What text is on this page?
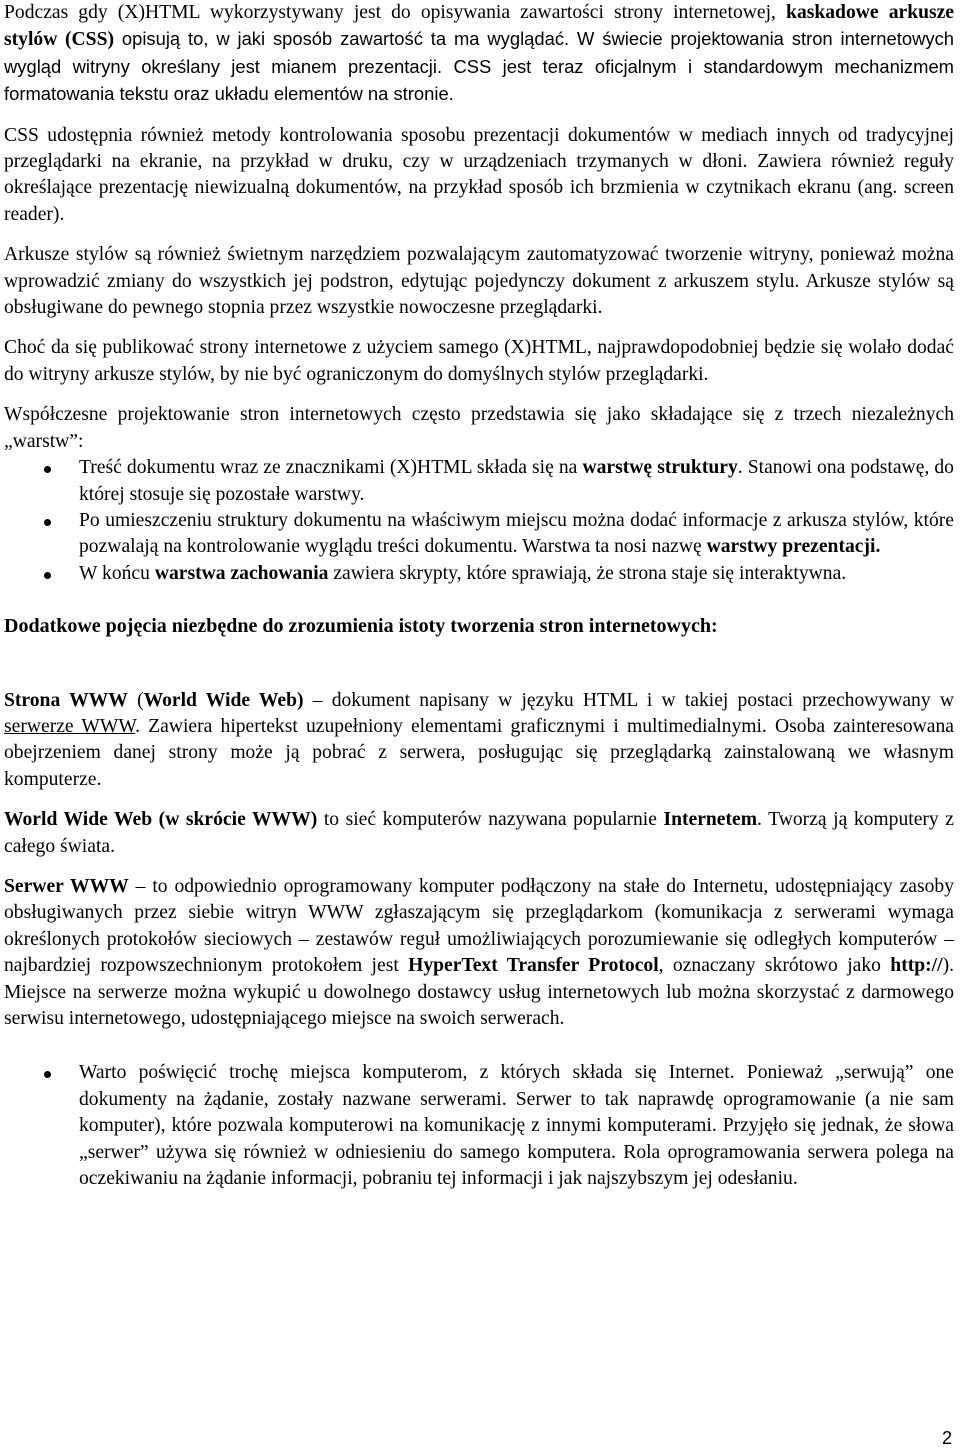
Podczas gdy (X)HTML wykorzystywany jest do opisywania zawartości strony internetowej, kaskadowe arkusze stylów (CSS) opisują to, w jaki sposób zawartość ta ma wyglądać. W świecie projektowania stron internetowych wygląd witryny określany jest mianem prezentacji. CSS jest teraz oficjalnym i standardowym mechanizmem formatowania tekstu oraz układu elementów na stronie.

CSS udostępnia również metody kontrolowania sposobu prezentacji dokumentów w mediach innych od tradycyjnej przeglądarki na ekranie, na przykład w druku, czy w urządzeniach trzymanych w dłoni. Zawiera również reguły określające prezentację niewizualną dokumentów, na przykład sposób ich brzmienia w czytnikach ekranu (ang. screen reader).

Arkusze stylów są również świetnym narzędziem pozwalającym zautomatyzować tworzenie witryny, ponieważ można wprowadzić zmiany do wszystkich jej podstron, edytując pojedynczy dokument z arkuszem stylu. Arkusze stylów są obsługiwane do pewnego stopnia przez wszystkie nowoczesne przeglądarki.

Choć da się publikować strony internetowe z użyciem samego (X)HTML, najprawdopodobniej będzie się wolało dodać do witryny arkusze stylów, by nie być ograniczonym do domyślnych stylów przeglądarki.

Współczesne projektowanie stron internetowych często przedstawia się jako składające się z trzech niezależnych „warstw”:

Treść dokumentu wraz ze znacznikami (X)HTML składa się na warstwę struktury. Stanowi ona podstawę, do której stosuje się pozostałe warstwy.
Po umieszczeniu struktury dokumentu na właściwym miejscu można dodać informacje z arkusza stylów, które pozwalają na kontrolowanie wyglądu treści dokumentu. Warstwa ta nosi nazwę warstwy prezentacji.
W końcu warstwa zachowania zawiera skrypty, które sprawiają, że strona staje się interaktywna.

Dodatkowe pojęcia niezbędne do zrozumienia istoty tworzenia stron internetowych:

Strona WWW (World Wide Web) – dokument napisany w języku HTML i w takiej postaci przechowywany w serwerze WWW. Zawiera hipertekst uzupełniony elementami graficznymi i multimedialnymi. Osoba zainteresowana obejrzeniem danej strony może ją pobrać z serwera, posługując się przeglądarką zainstalowaną we własnym komputerze.

World Wide Web (w skrócie WWW) to sieć komputerów nazywana popularnie Internetem. Tworzą ją komputery z całego świata.

Serwer WWW – to odpowiednio oprogramowany komputer podłączony na stałe do Internetu, udostępniający zasoby obsługiwanych przez siebie witryn WWW zgłaszającym się przeglądarkom (komunikacja z serwerami wymaga określonych protokołów sieciowych – zestawów reguł umożliwiających porozumiewanie się odległych komputerów – najbardziej rozpowszechnionym protokołem jest HyperText Transfer Protocol, oznaczany skrótowo jako http://). Miejsce na serwerze można wykupić u dowolnego dostawcy usług internetowych lub można skorzystać z darmowego serwisu internetowego, udostępniającego miejsce na swoich serwerach.

Warto poświęcić trochę miejsca komputerom, z których składa się Internet. Ponieważ „serwują” one dokumenty na żądanie, zostały nazwane serwerami. Serwer to tak naprawdę oprogramowanie (a nie sam komputer), które pozwala komputerowi na komunikację z innymi komputerami. Przyjęło się jednak, że słowa „serwer” używa się również w odniesieniu do samego komputera. Rola oprogramowania serwera polega na oczekiwaniu na żądanie informacji, pobraniu tej informacji i jak najszybszym jej odesłaniu.
2
